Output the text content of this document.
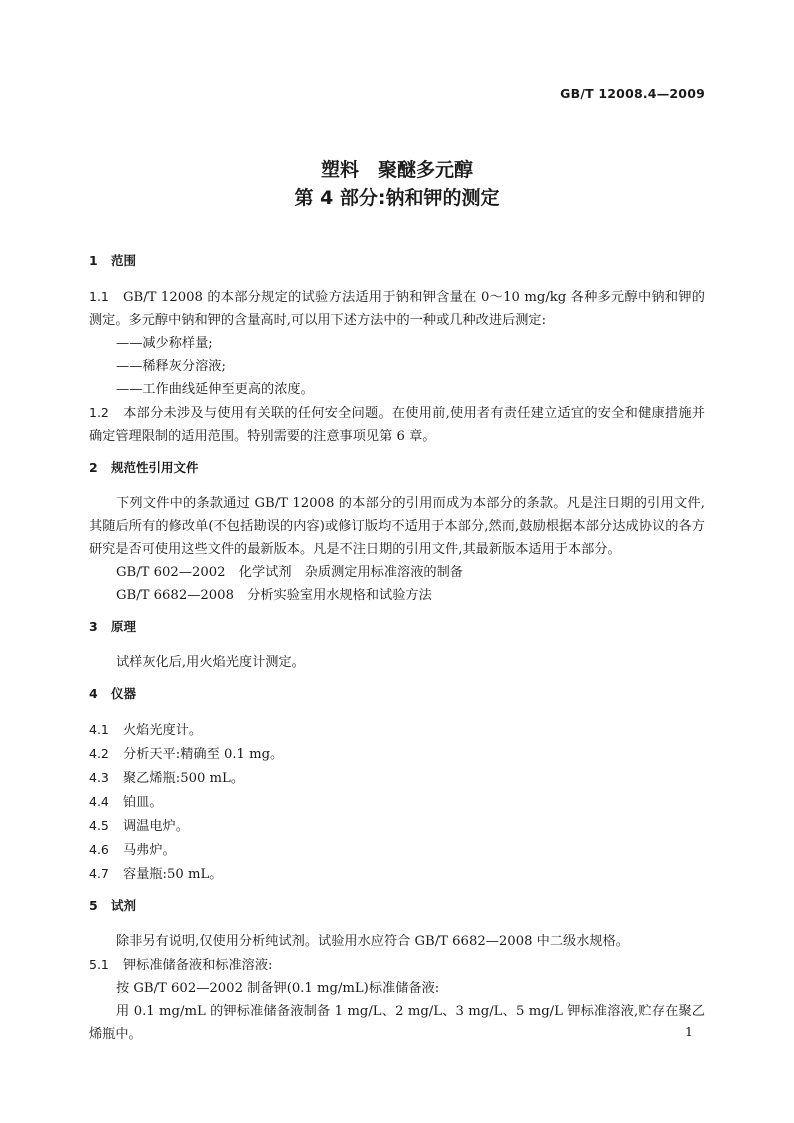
GB/T 12008.4—2009
塑料　聚醚多元醇
第 4 部分:钠和钾的测定
1 范围

1.1 GB/T 12008 的本部分规定的试验方法适用于钠和钾含量在 0～10 mg/kg 各种多元醇中钠和钾的测定。多元醇中钠和钾的含量高时,可以用下述方法中的一种或几种改进后测定:

——减少称样量;

——稀释灰分溶液;

——工作曲线延伸至更高的浓度。

1.2 本部分未涉及与使用有关联的任何安全问题。在使用前,使用者有责任建立适宜的安全和健康措施并确定管理限制的适用范围。特别需要的注意事项见第 6 章。

2 规范性引用文件

下列文件中的条款通过 GB/T 12008 的本部分的引用而成为本部分的条款。凡是注日期的引用文件,其随后所有的修改单(不包括勘误的内容)或修订版均不适用于本部分,然而,鼓励根据本部分达成协议的各方研究是否可使用这些文件的最新版本。凡是不注日期的引用文件,其最新版本适用于本部分。

GB/T 602—2002　化学试剂　杂质测定用标准溶液的制备

GB/T 6682—2008　分析实验室用水规格和试验方法

3 原理

试样灰化后,用火焰光度计测定。

4 仪器

4.1 火焰光度计。

4.2 分析天平:精确至 0.1 mg。

4.3 聚乙烯瓶:500 mL。

4.4 铂皿。

4.5 调温电炉。

4.6 马弗炉。

4.7 容量瓶:50 mL。

5 试剂

除非另有说明,仅使用分析纯试剂。试验用水应符合 GB/T 6682—2008 中二级水规格。

5.1 钾标准储备液和标准溶液:

按 GB/T 602—2002 制备钾(0.1 mg/mL)标准储备液:

用 0.1 mg/mL 的钾标准储备液制备 1 mg/L、2 mg/L、3 mg/L、5 mg/L 钾标准溶液,贮存在聚乙烯瓶中。	1
